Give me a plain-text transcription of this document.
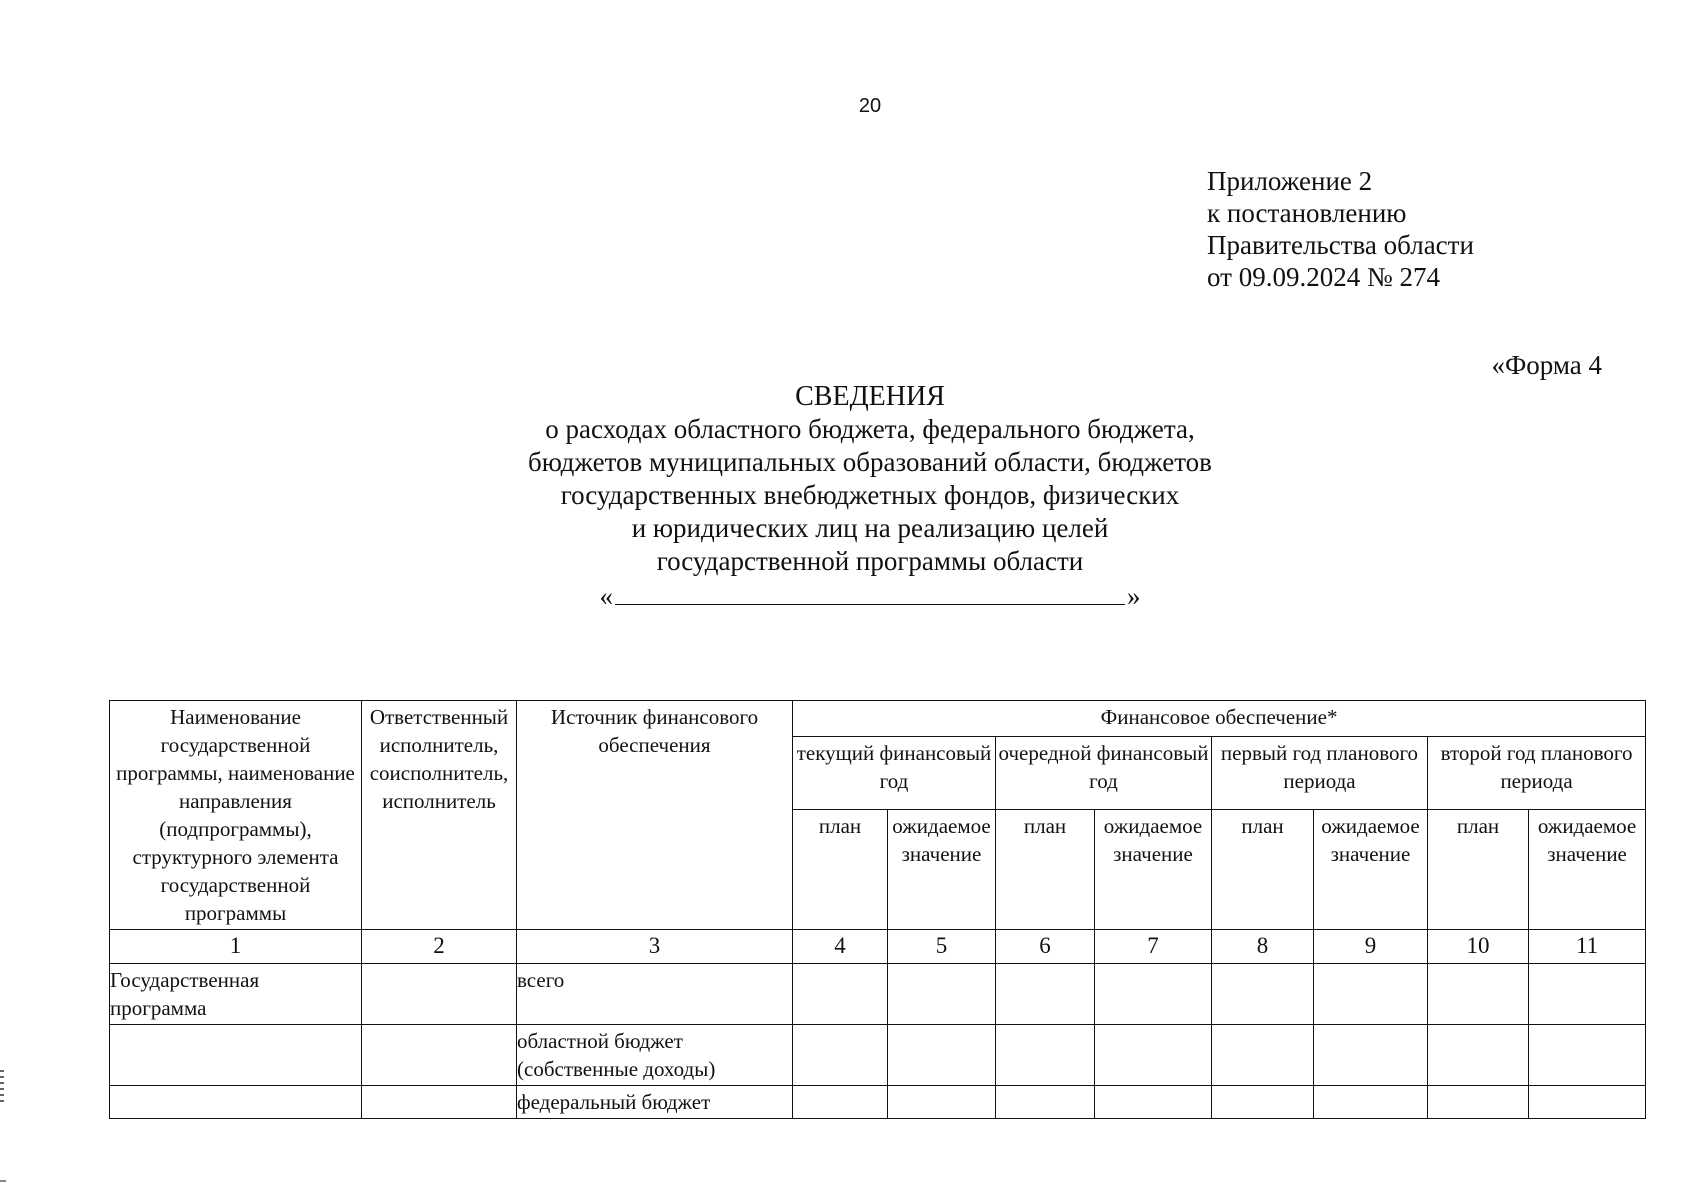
20
Приложение 2
к постановлению
Правительства области
от 09.09.2024 № 274
«Форма 4
СВЕДЕНИЯ
о расходах областного бюджета, федерального бюджета,
бюджетов муниципальных образований области, бюджетов
государственных внебюджетных фондов, физических
и юридических лиц на реализацию целей
государственной программы области
«	»
Наименование государственной программы, наименование направления (подпрограммы), структурного элемента государственной программы	Ответственный исполнитель, соисполнитель, исполнитель	Источник финансового обеспечения	Финансовое обеспечение*							
			текущий финансовый год		очередной финансовый год		первый год планового периода		второй год планового периода	
			план	ожидаемое значение	план	ожидаемое значение	план	ожидаемое значение	план	ожидаемое значение
1	2	3	4	5	6	7	8	9	10	11
Государственная программа		всего								
		областной бюджет (собственные доходы)								
		федеральный бюджет								
